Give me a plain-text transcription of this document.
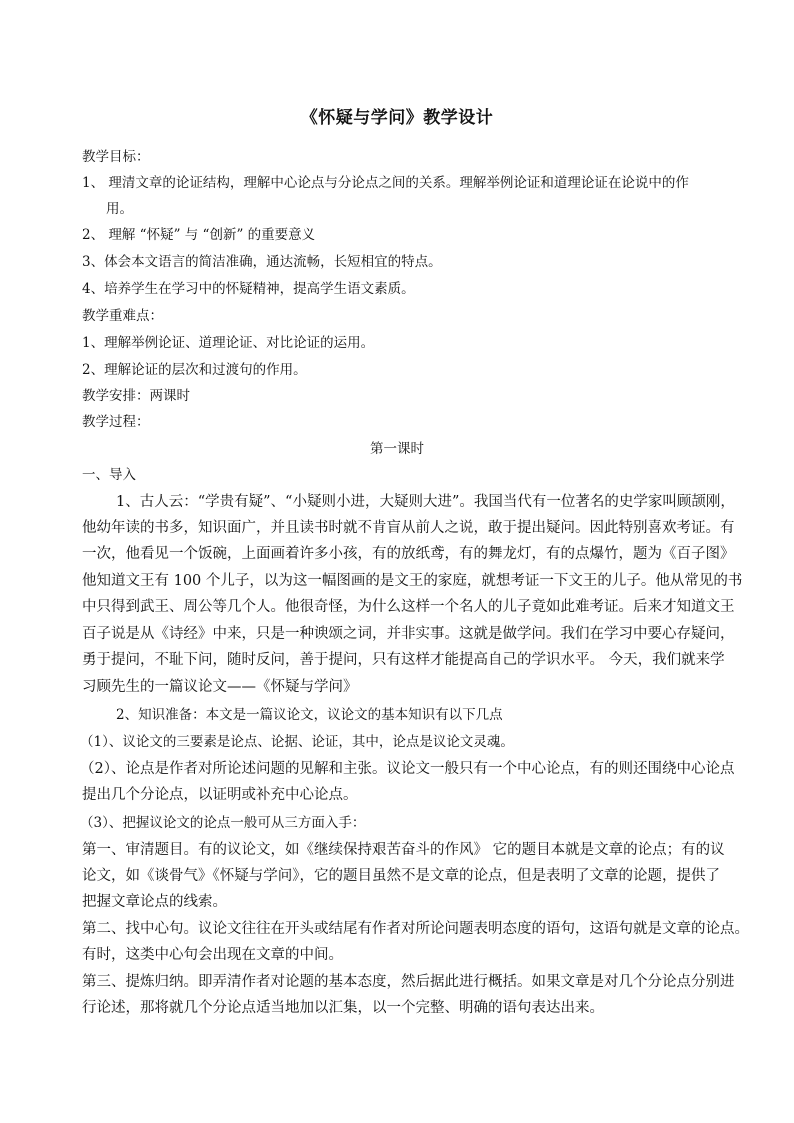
《怀疑与学问》教学设计
教学目标：
1、 理清文章的论证结构，理解中心论点与分论点之间的关系。理解举例论证和道理论证在论说中的作
用。
2、 理解 “怀疑” 与 “创新” 的重要意义
3、体会本文语言的简洁准确，通达流畅，长短相宜的特点。
4、培养学生在学习中的怀疑精神，提高学生语文素质。
教学重难点：
1、理解举例论证、道理论证、对比论证的运用。
2、理解论证的层次和过渡句的作用。
教学安排：两课时
教学过程：
第一课时
一、导入
1、古人云：“学贵有疑”、“小疑则小进，大疑则大进”。我国当代有一位著名的史学家叫顾颉刚，
他幼年读的书多，知识面广，并且读书时就不肯盲从前人之说，敢于提出疑问。因此特别喜欢考证。有
一次，他看见一个饭碗，上面画着许多小孩，有的放纸鸢，有的舞龙灯，有的点爆竹，题为《百子图》
他知道文王有 100 个儿子，以为这一幅图画的是文王的家庭，就想考证一下文王的儿子。他从常见的书
中只得到武王、周公等几个人。他很奇怪，为什么这样一个名人的儿子竟如此难考证。后来才知道文王
百子说是从《诗经》中来，只是一种谀颂之词，并非实事。这就是做学问。我们在学习中要心存疑问，
勇于提问，不耻下问，随时反问，善于提问，只有这样才能提高自己的学识水平。 今天，我们就来学
习顾先生的一篇议论文——《怀疑与学问》
2、知识准备：本文是一篇议论文，议论文的基本知识有以下几点
（1）、议论文的三要素是论点、论据、论证，其中，论点是议论文灵魂。
（2）、论点是作者对所论述问题的见解和主张。议论文一般只有一个中心论点，有的则还围绕中心论点
提出几个分论点，以证明或补充中心论点。
（3）、把握议论文的论点一般可从三方面入手：
第一、审清题目。有的议论文，如《继续保持艰苦奋斗的作风》 它的题目本就是文章的论点；有的议
论文，如《谈骨气》《怀疑与学问》，它的题目虽然不是文章的论点，但是表明了文章的论题，提供了
把握文章论点的线索。
第二、找中心句。议论文往往在开头或结尾有作者对所论问题表明态度的语句，这语句就是文章的论点。
有时，这类中心句会出现在文章的中间。
第三、提炼归纳。即弄清作者对论题的基本态度，然后据此进行概括。如果文章是对几个分论点分别进
行论述，那将就几个分论点适当地加以汇集，以一个完整、明确的语句表达出来。
